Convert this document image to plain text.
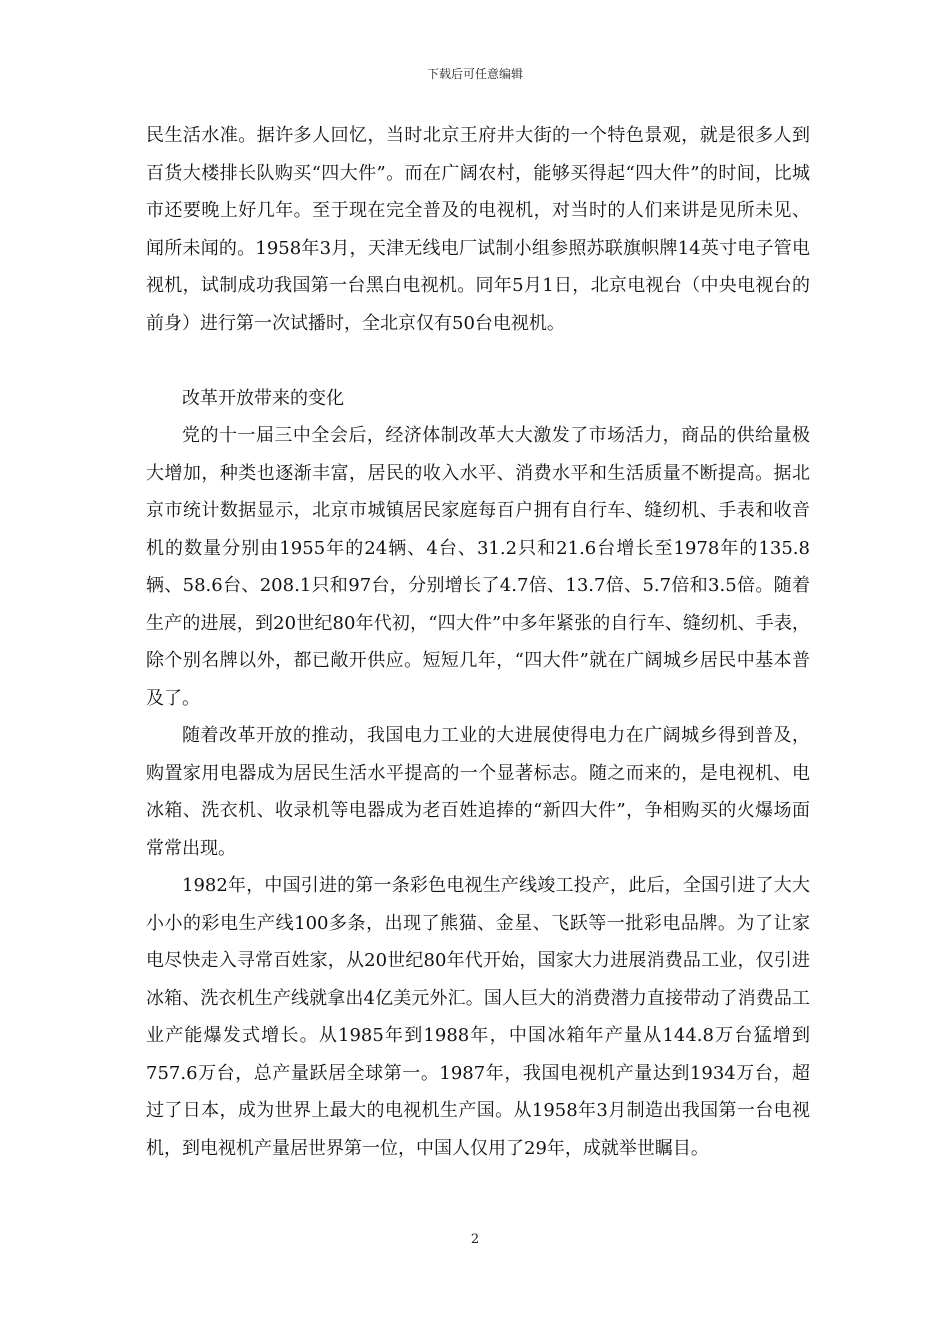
下载后可任意编辑

民生活水准。据许多人回忆，当时北京王府井大街的一个特色景观，就是很多人到百货大楼排长队购买“四大件”。而在广阔农村，能够买得起“四大件”的时间，比城市还要晚上好几年。至于现在完全普及的电视机，对当时的人们来讲是见所未见、闻所未闻的。1958年3月，天津无线电厂试制小组参照苏联旗帜牌14英寸电子管电视机，试制成功我国第一台黑白电视机。同年5月1日，北京电视台（中央电视台的前身）进行第一次试播时，全北京仅有50台电视机。

改革开放带来的变化

党的十一届三中全会后，经济体制改革大大激发了市场活力，商品的供给量极大增加，种类也逐渐丰富，居民的收入水平、消费水平和生活质量不断提高。据北京市统计数据显示，北京市城镇居民家庭每百户拥有自行车、缝纫机、手表和收音机的数量分别由1955年的24辆、4台、31.2只和21.6台增长至1978年的135.8辆、58.6台、208.1只和97台，分别增长了4.7倍、13.7倍、5.7倍和3.5倍。随着生产的进展，到20世纪80年代初，“四大件”中多年紧张的自行车、缝纫机、手表，除个别名牌以外，都已敞开供应。短短几年，“四大件”就在广阔城乡居民中基本普及了。

随着改革开放的推动，我国电力工业的大进展使得电力在广阔城乡得到普及，购置家用电器成为居民生活水平提高的一个显著标志。随之而来的，是电视机、电冰箱、洗衣机、收录机等电器成为老百姓追捧的“新四大件”，争相购买的火爆场面常常出现。

1982年，中国引进的第一条彩色电视生产线竣工投产，此后，全国引进了大大小小的彩电生产线100多条，出现了熊猫、金星、飞跃等一批彩电品牌。为了让家电尽快走入寻常百姓家，从20世纪80年代开始，国家大力进展消费品工业，仅引进冰箱、洗衣机生产线就拿出4亿美元外汇。国人巨大的消费潜力直接带动了消费品工业产能爆发式增长。从1985年到1988年，中国冰箱年产量从144.8万台猛增到757.6万台，总产量跃居全球第一。1987年，我国电视机产量达到1934万台，超过了日本，成为世界上最大的电视机生产国。从1958年3月制造出我国第一台电视机，到电视机产量居世界第一位，中国人仅用了29年，成就举世瞩目。

2
